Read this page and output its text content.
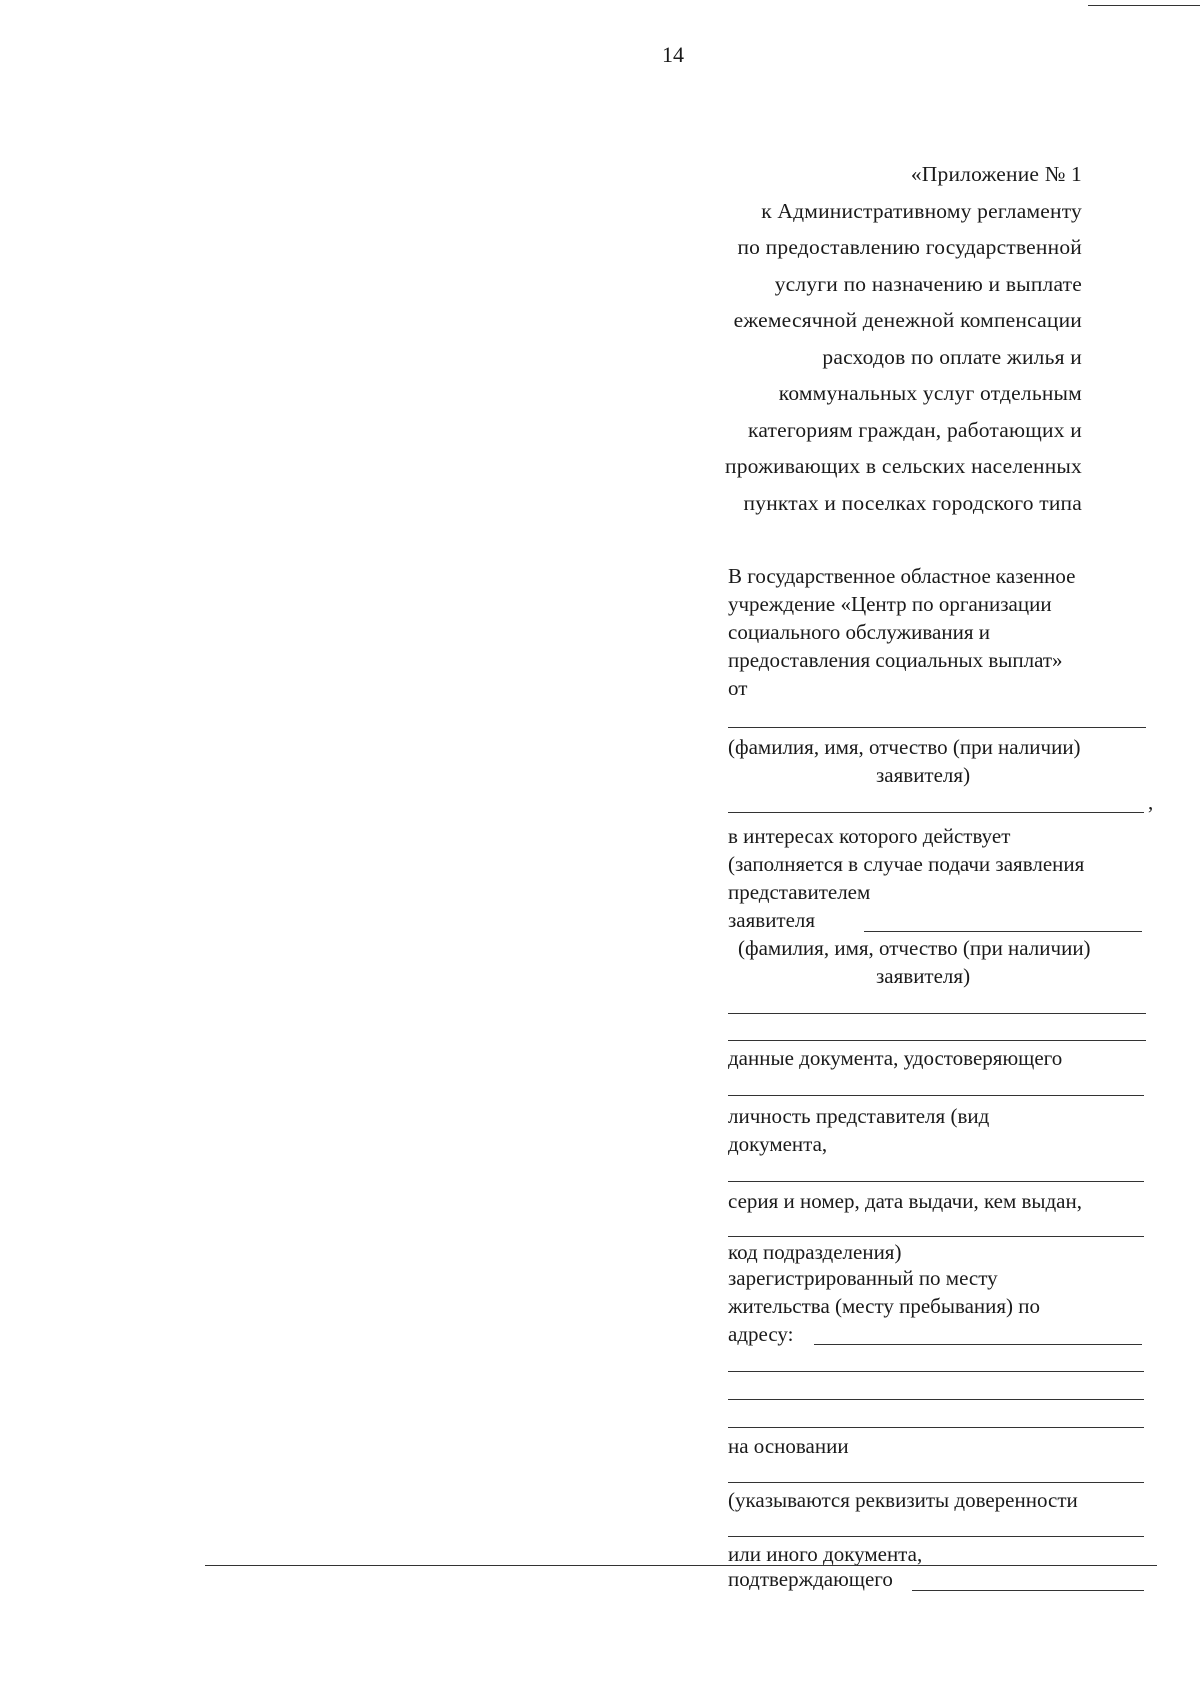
14
«Приложение № 1
к Административному регламенту
по предоставлению государственной
услуги по назначению и выплате
ежемесячной денежной компенсации
расходов по оплате жилья и
коммунальных услуг отдельным
категориям граждан, работающих и
проживающих в сельских населенных
пунктах и поселках городского типа
В государственное областное казенное
учреждение «Центр по организации
социального обслуживания и
предоставления социальных выплат»
от
(фамилия, имя, отчество (при наличии)
заявителя)
,
в интересах которого действует
(заполняется в случае подачи заявления
представителем
заявителя
(фамилия, имя, отчество (при наличии)
заявителя)
данные документа, удостоверяющего
личность представителя (вид
документа,
серия и номер, дата выдачи, кем выдан,
код подразделения)
зарегистрированный по месту
жительства (месту пребывания) по
адресу:
на основании
(указываются реквизиты доверенности
или иного документа,
подтверждающего
